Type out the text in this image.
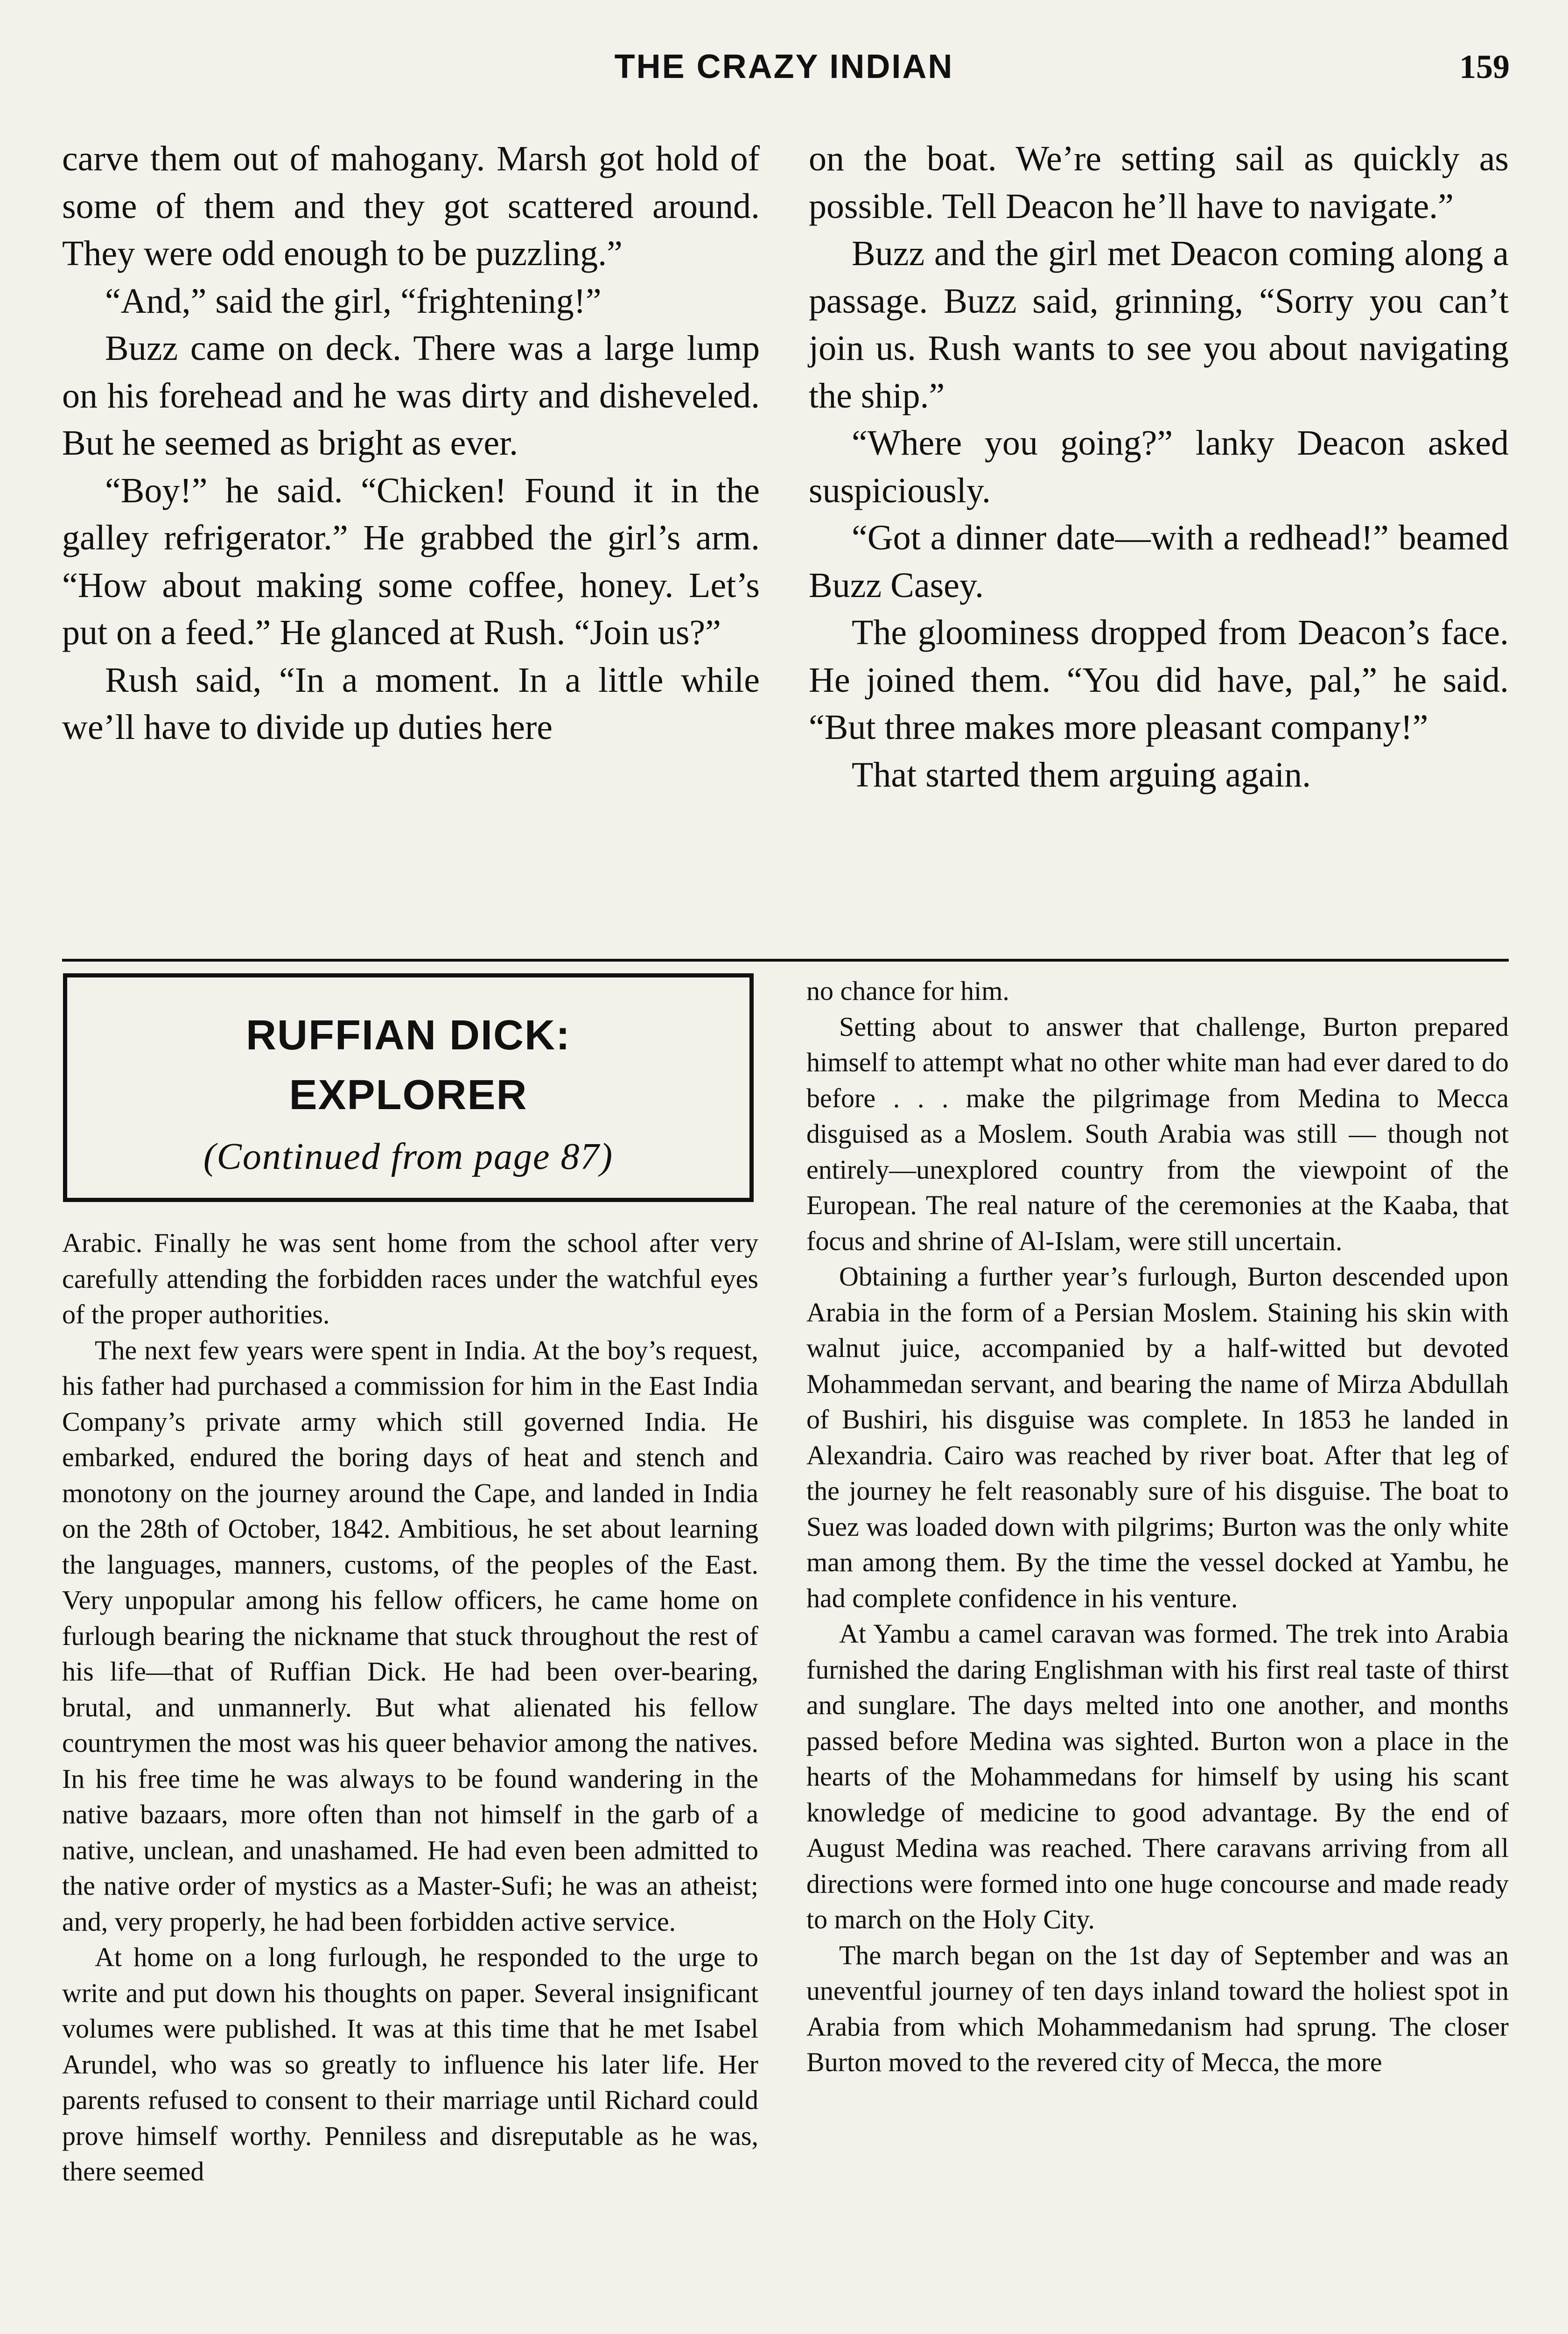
THE CRAZY INDIAN	159

carve them out of mahogany. Marsh got hold of some of them and they got scattered around. They were odd enough to be puzzling.”

“And,” said the girl, “frightening!”

Buzz came on deck. There was a large lump on his forehead and he was dirty and disheveled. But he seemed as bright as ever.

“Boy!” he said. “Chicken! Found it in the galley refrigerator.” He grabbed the girl’s arm. “How about making some coffee, honey. Let’s put on a feed.” He glanced at Rush. “Join us?”

Rush said, “In a moment. In a little while we’ll have to divide up duties here

on the boat. We’re setting sail as quickly as possible. Tell Deacon he’ll have to navigate.”

Buzz and the girl met Deacon coming along a passage. Buzz said, grinning, “Sorry you can’t join us. Rush wants to see you about navigating the ship.”

“Where you going?” lanky Deacon asked suspiciously.

“Got a dinner date—with a redhead!” beamed Buzz Casey.

The gloominess dropped from Deacon’s face. He joined them. “You did have, pal,” he said. “But three makes more pleasant company!”

That started them arguing again.

RUFFIAN DICK:
EXPLORER
(Continued from page 87)

Arabic. Finally he was sent home from the school after very carefully attending the forbidden races under the watchful eyes of the proper authorities.

The next few years were spent in India. At the boy’s request, his father had purchased a commission for him in the East India Company’s private army which still governed India. He embarked, endured the boring days of heat and stench and monotony on the journey around the Cape, and landed in India on the 28th of October, 1842. Ambitious, he set about learning the languages, manners, customs, of the peoples of the East. Very unpopular among his fellow officers, he came home on furlough bearing the nickname that stuck throughout the rest of his life—that of Ruffian Dick. He had been over-bearing, brutal, and unmannerly. But what alienated his fellow countrymen the most was his queer behavior among the natives. In his free time he was always to be found wandering in the native bazaars, more often than not himself in the garb of a native, unclean, and unashamed. He had even been admitted to the native order of mystics as a Master-Sufi; he was an atheist; and, very properly, he had been forbidden active service.

At home on a long furlough, he responded to the urge to write and put down his thoughts on paper. Several insignificant volumes were published. It was at this time that he met Isabel Arundel, who was so greatly to influence his later life. Her parents refused to consent to their marriage until Richard could prove himself worthy. Penniless and disreputable as he was, there seemed

no chance for him.

Setting about to answer that challenge, Burton prepared himself to attempt what no other white man had ever dared to do before . . . make the pilgrimage from Medina to Mecca disguised as a Moslem. South Arabia was still — though not entirely—unexplored country from the viewpoint of the European. The real nature of the ceremonies at the Kaaba, that focus and shrine of Al-Islam, were still uncertain.

Obtaining a further year’s furlough, Burton descended upon Arabia in the form of a Persian Moslem. Staining his skin with walnut juice, accompanied by a half-witted but devoted Mohammedan servant, and bearing the name of Mirza Abdullah of Bushiri, his disguise was complete. In 1853 he landed in Alexandria. Cairo was reached by river boat. After that leg of the journey he felt reasonably sure of his disguise. The boat to Suez was loaded down with pilgrims; Burton was the only white man among them. By the time the vessel docked at Yambu, he had complete confidence in his venture.

At Yambu a camel caravan was formed. The trek into Arabia furnished the daring Englishman with his first real taste of thirst and sunglare. The days melted into one another, and months passed before Medina was sighted. Burton won a place in the hearts of the Mohammedans for himself by using his scant knowledge of medicine to good advantage. By the end of August Medina was reached. There caravans arriving from all directions were formed into one huge concourse and made ready to march on the Holy City.

The march began on the 1st day of September and was an uneventful journey of ten days inland toward the holiest spot in Arabia from which Mohammedanism had sprung. The closer Burton moved to the revered city of Mecca, the more
